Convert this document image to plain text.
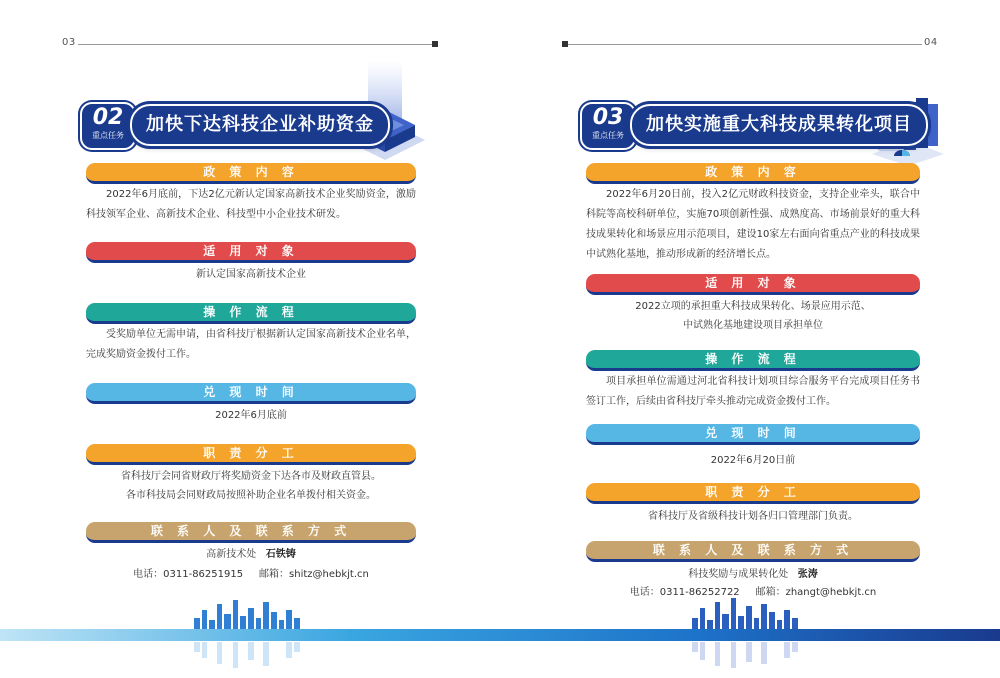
03
02
重点任务
加快下达科技企业补助资金
政 策 内 容
2022年6月底前，下达2亿元新认定国家高新技术企业奖励资金，激励科技领军企业、高新技术企业、科技型中小企业技术研发。
适 用 对 象
新认定国家高新技术企业
操 作 流 程
受奖励单位无需申请，由省科技厅根据新认定国家高新技术企业名单，完成奖励资金拨付工作。
兑 现 时 间
2022年6月底前
职 责 分 工
省科技厅会同省财政厅将奖励资金下达各市及财政直管县。
各市科技局会同财政局按照补助企业名单拨付相关资金。
联 系 人 及 联 系 方 式
高新技术处 石铁铸
电话：0311-86251915 邮箱：shitz@hebkjt.cn
04
03
重点任务
加快实施重大科技成果转化项目
政 策 内 容
2022年6月20日前，投入2亿元财政科技资金，支持企业牵头，联合中科院等高校科研单位，实施70项创新性强、成熟度高、市场前景好的重大科技成果转化和场景应用示范项目，建设10家左右面向省重点产业的科技成果中试熟化基地，推动形成新的经济增长点。
适 用 对 象
2022立项的承担重大科技成果转化、场景应用示范、
中试熟化基地建设项目承担单位
操 作 流 程
项目承担单位需通过河北省科技计划项目综合服务平台完成项目任务书签订工作，后续由省科技厅牵头推动完成资金拨付工作。
兑 现 时 间
2022年6月20日前
职 责 分 工
省科技厅及省级科技计划各归口管理部门负责。
联 系 人 及 联 系 方 式
科技奖励与成果转化处 张涛
电话：0311-86252722 邮箱：zhangt@hebkjt.cn
